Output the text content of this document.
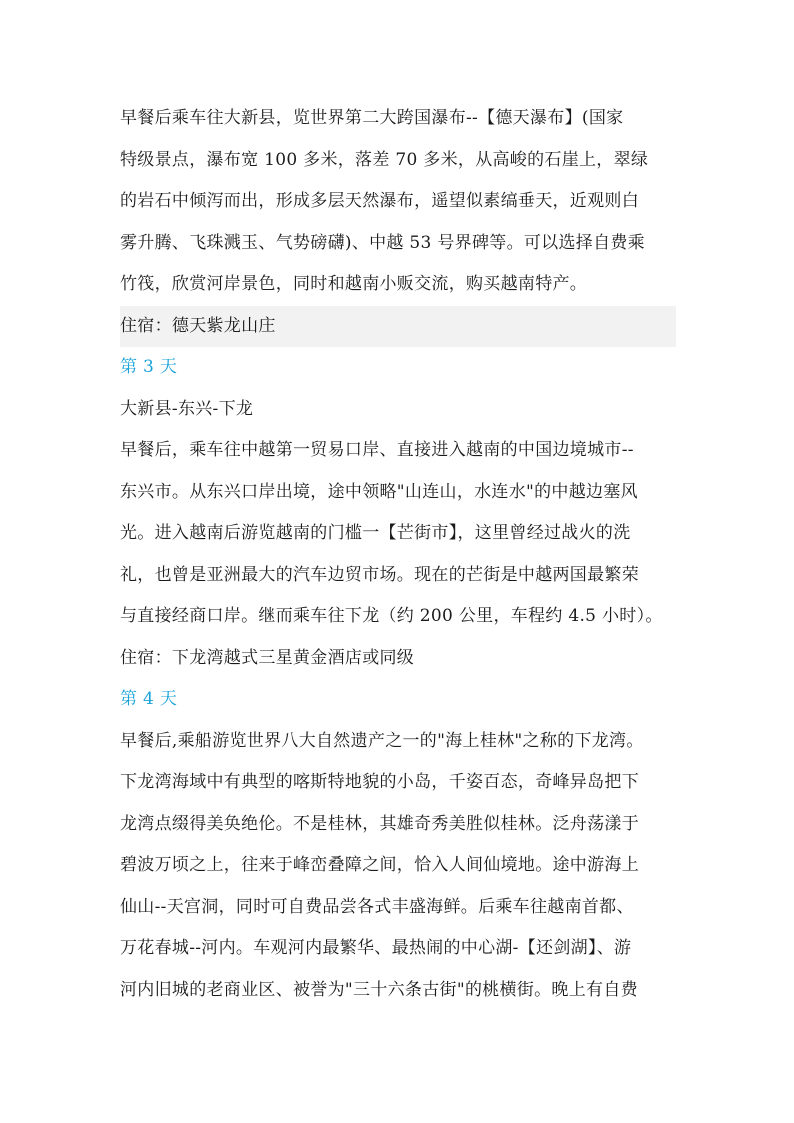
早餐后乘车往大新县，览世界第二大跨国瀑布--【德天瀑布】(国家
特级景点，瀑布宽 100 多米，落差 70 多米，从高峻的石崖上，翠绿
的岩石中倾泻而出，形成多层天然瀑布，遥望似素缟垂天，近观则白
雾升腾、飞珠溅玉、气势磅礴)、中越 53 号界碑等。可以选择自费乘
竹筏，欣赏河岸景色，同时和越南小贩交流，购买越南特产。
住宿：德天紫龙山庄
第 3 天
大新县-东兴-下龙
早餐后，乘车往中越第一贸易口岸、直接进入越南的中国边境城市--
东兴市。从东兴口岸出境，途中领略"山连山，水连水"的中越边塞风
光。进入越南后游览越南的门槛一【芒街市】，这里曾经过战火的洗
礼，也曾是亚洲最大的汽车边贸市场。现在的芒街是中越两国最繁荣
与直接经商口岸。继而乘车往下龙（约 200 公里，车程约 4.5 小时）。
住宿：下龙湾越式三星黄金酒店或同级
第 4 天
早餐后,乘船游览世界八大自然遗产之一的"海上桂林"之称的下龙湾。
下龙湾海域中有典型的喀斯特地貌的小岛，千姿百态，奇峰异岛把下
龙湾点缀得美奂绝伦。不是桂林，其雄奇秀美胜似桂林。泛舟荡漾于
碧波万顷之上，往来于峰峦叠障之间，恰入人间仙境地。途中游海上
仙山--天宫洞，同时可自费品尝各式丰盛海鲜。后乘车往越南首都、
万花春城--河内。车观河内最繁华、最热闹的中心湖-【还剑湖】、游
河内旧城的老商业区、被誉为"三十六条古街"的桃横街。晚上有自费
